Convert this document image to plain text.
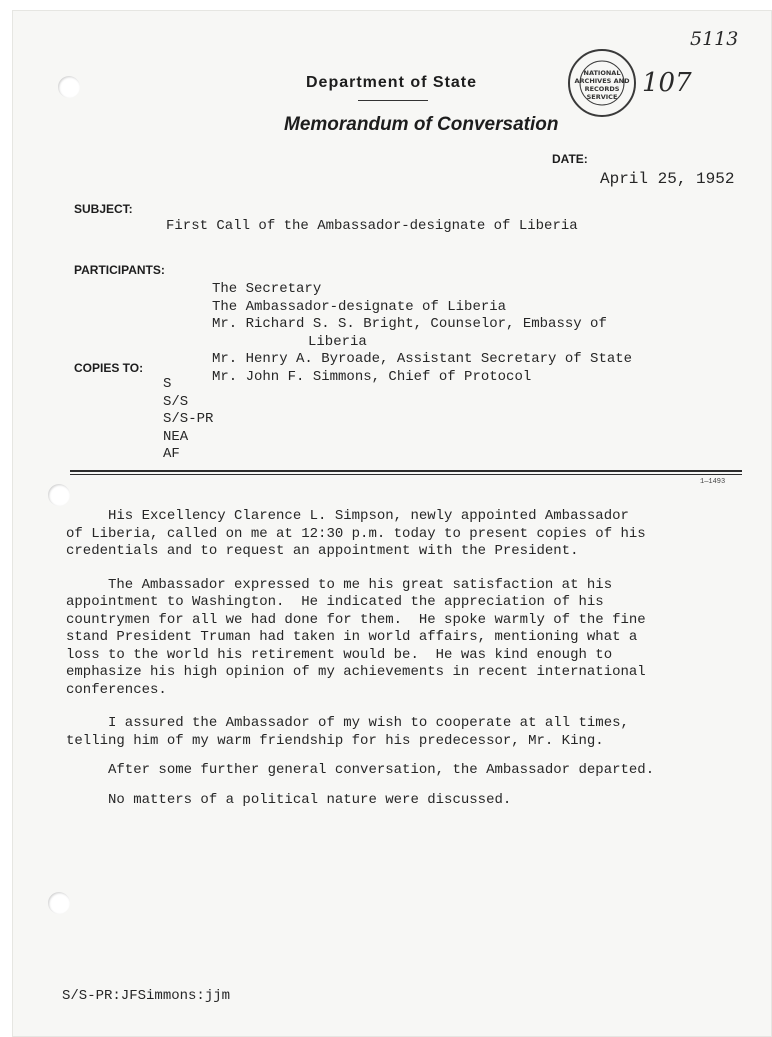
5113
NATIONAL
ARCHIVES AND
RECORDS
SERVICE 107
Department of State
Memorandum of Conversation
DATE:
April 25, 1952
SUBJECT:
First Call of the Ambassador-designate of Liberia
PARTICIPANTS:
The Secretary
The Ambassador-designate of Liberia
Mr. Richard S. S. Bright, Counselor, Embassy of
Liberia
Mr. Henry A. Byroade, Assistant Secretary of State
Mr. John F. Simmons, Chief of Protocol
COPIES TO:
S
S/S
S/S-PR
NEA
AF
1—1493

His Excellency Clarence L. Simpson, newly appointed Ambassador
of Liberia, called on me at 12:30 p.m. today to present copies of his
credentials and to request an appointment with the President.

The Ambassador expressed to me his great satisfaction at his
appointment to Washington.  He indicated the appreciation of his
countrymen for all we had done for them.  He spoke warmly of the fine
stand President Truman had taken in world affairs, mentioning what a
loss to the world his retirement would be.  He was kind enough to
emphasize his high opinion of my achievements in recent international
conferences.

I assured the Ambassador of my wish to cooperate at all times,
telling him of my warm friendship for his predecessor, Mr. King.

After some further general conversation, the Ambassador departed.

No matters of a political nature were discussed.

S/S-PR:JFSimmons:jjm
